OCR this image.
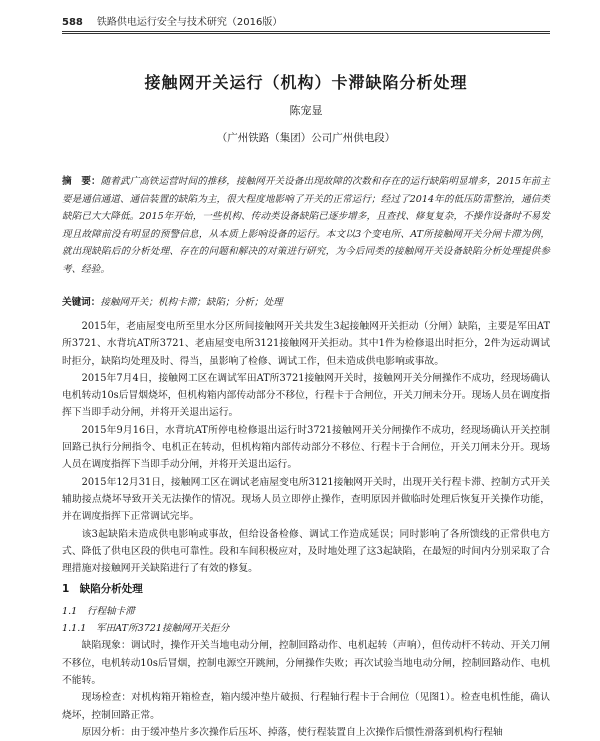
588 铁路供电运行安全与技术研究（2016版）
接触网开关运行（机构）卡滞缺陷分析处理
陈宠显
（广州铁路（集团）公司广州供电段）
摘　要：随着武广高铁运营时间的推移，接触网开关设备出现故障的次数和存在的运行缺陷明显增多，2015年前主要是通信通道、通信装置的缺陷为主，很大程度地影响了开关的正常运行；经过了2014年的低压防雷整治，通信类缺陷已大大降低。2015年开始，一些机构、传动类设备缺陷已逐步增多，且查找、修复复杂，不操作设备时不易发现且故障前没有明显的预警信息，从本质上影响设备的运行。本文以3个变电所、AT所接触网开关分闸卡滞为例，就出现缺陷后的分析处理、存在的问题和解决的对策进行研究，为今后同类的接触网开关设备缺陷分析处理提供参考、经验。
关键词：接触网开关；机构卡滞；缺陷；分析；处理

2015年，老庙屋变电所至里水分区所间接触网开关共发生3起接触网开关拒动（分闸）缺陷，主要是军田AT所3721、水背坑AT所3721、老庙屋变电所3121接触网开关拒动。其中1件为检修退出时拒分，2件为远动调试时拒分，缺陷均处理及时、得当，虽影响了检修、调试工作，但未造成供电影响或事故。

2015年7月4日，接触网工区在调试军田AT所3721接触网开关时，接触网开关分闸操作不成功，经现场确认电机转动10s后冒烟烧坏，但机构箱内部传动部分不移位，行程卡于合闸位，开关刀闸未分开。现场人员在调度指挥下当即手动分闸，并将开关退出运行。

2015年9月16日，水背坑AT所停电检修退出运行时3721接触网开关分闸操作不成功，经现场确认开关控制回路已执行分闸指令、电机正在转动，但机构箱内部传动部分不移位、行程卡于合闸位，开关刀闸未分开。现场人员在调度指挥下当即手动分闸，并将开关退出运行。

2015年12月31日，接触网工区在调试老庙屋变电所3121接触网开关时，出现开关行程卡滞、控制方式开关辅助接点烧坏导致开关无法操作的情况。现场人员立即停止操作，查明原因并做临时处理后恢复开关操作功能，并在调度指挥下正常调试完毕。

该3起缺陷未造成供电影响或事故，但给设备检修、调试工作造成延误；同时影响了各所馈线的正常供电方式、降低了供电区段的供电可靠性。段和车间积极应对，及时地处理了这3起缺陷，在最短的时间内分别采取了合理措施对接触网开关缺陷进行了有效的修复。

1　缺陷分析处理

1.1　行程轴卡滞

1.1.1　军田AT所3721接触网开关拒分

缺陷现象：调试时，操作开关当地电动分闸，控制回路动作、电机起转（声响），但传动杆不转动、开关刀闸不移位，电机转动10s后冒烟，控制电源空开跳闸，分闸操作失败；再次试验当地电动分闸，控制回路动作、电机不能转。

现场检查：对机构箱开箱检查，箱内缓冲垫片破损、行程轴行程卡于合闸位（见图1）。检查电机性能，确认烧坏，控制回路正常。

原因分析：由于缓冲垫片多次操作后压坏、掉落，使行程装置自上次操作后惯性滑落到机构行程轴
